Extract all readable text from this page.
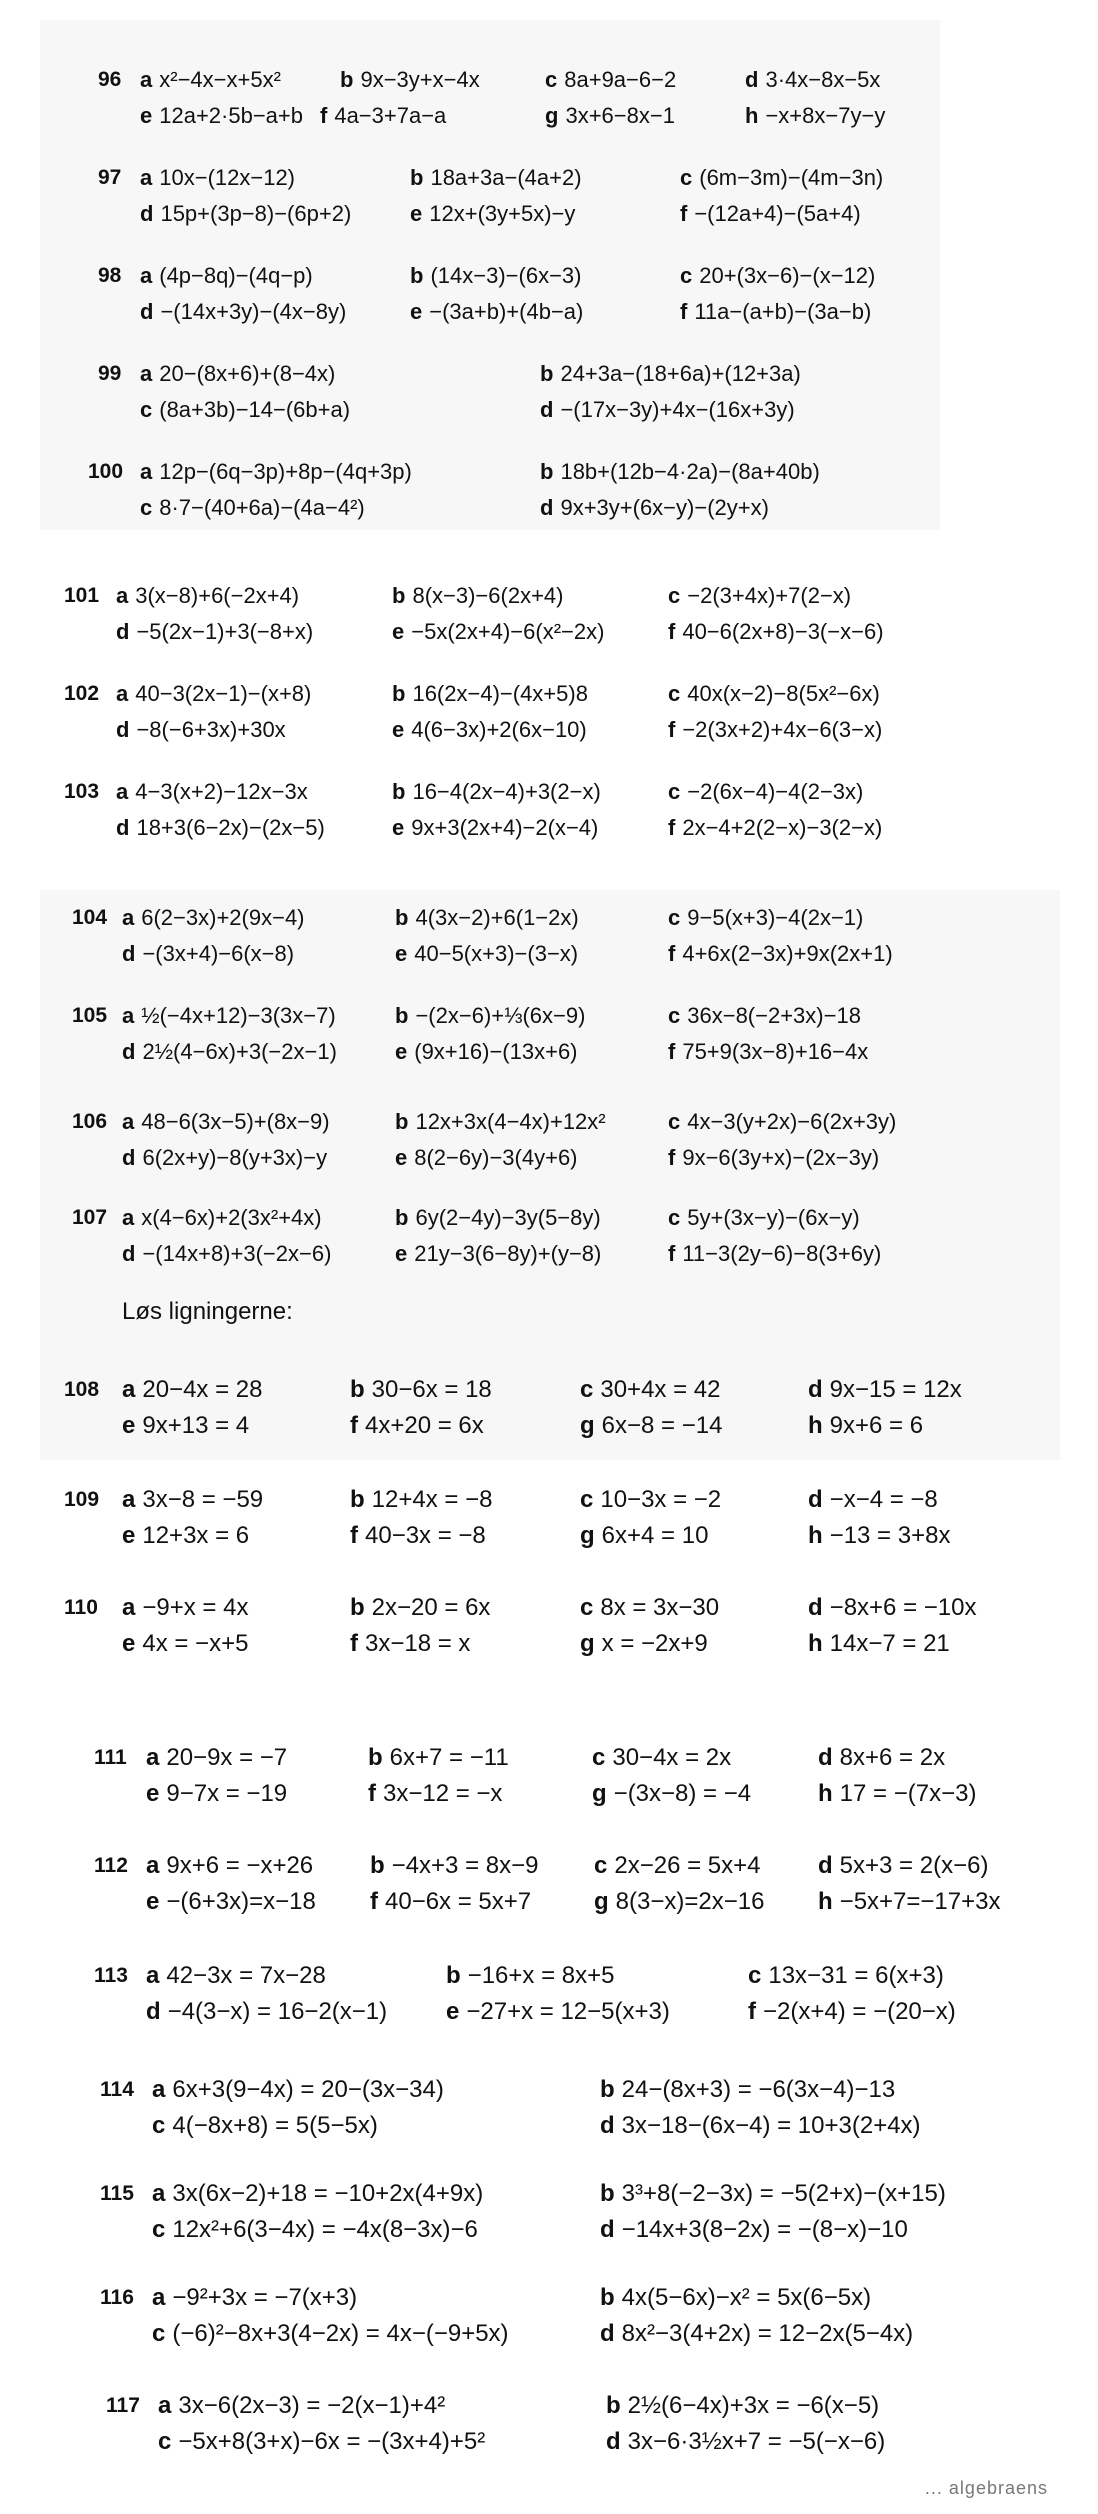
96 a x²−4x−x+5x²	b 9x−3y+x−4x	c 8a+9a−6−2	d 3·4x−8x−5x
e 12a+2·5b−a+b f 4a−3+7a−a	g 3x+6−8x−1	h −x+8x−7y−y
97 a 10x−(12x−12)	b 18a+3a−(4a+2)	c (6m−3m)−(4m−3n)
d 15p+(3p−8)−(6p+2)	e 12x+(3y+5x)−y	f −(12a+4)−(5a+4)
98 a (4p−8q)−(4q−p)	b (14x−3)−(6x−3)	c 20+(3x−6)−(x−12)
d −(14x+3y)−(4x−8y)	e −(3a+b)+(4b−a)	f 11a−(a+b)−(3a−b)
99 a 20−(8x+6)+(8−4x)	b 24+3a−(18+6a)+(12+3a)
c (8a+3b)−14−(6b+a)	d −(17x−3y)+4x−(16x+3y)
100 a 12p−(6q−3p)+8p−(4q+3p)	b 18b+(12b−4·2a)−(8a+40b)
c 8·7−(40+6a)−(4a−4²)	d 9x+3y+(6x−y)−(2y+x)
101 a 3(x−8)+6(−2x+4)	b 8(x−3)−6(2x+4)	c −2(3+4x)+7(2−x)
d −5(2x−1)+3(−8+x)	e −5x(2x+4)−6(x²−2x)	f 40−6(2x+8)−3(−x−6)
102 a 40−3(2x−1)−(x+8)	b 16(2x−4)−(4x+5)8	c 40x(x−2)−8(5x²−6x)
d −8(−6+3x)+30x	e 4(6−3x)+2(6x−10)	f −2(3x+2)+4x−6(3−x)
103 a 4−3(x+2)−12x−3x	b 16−4(2x−4)+3(2−x)	c −2(6x−4)−4(2−3x)
d 18+3(6−2x)−(2x−5)	e 9x+3(2x+4)−2(x−4)	f 2x−4+2(2−x)−3(2−x)
104 a 6(2−3x)+2(9x−4)	b 4(3x−2)+6(1−2x)	c 9−5(x+3)−4(2x−1)
d −(3x+4)−6(x−8)	e 40−5(x+3)−(3−x)	f 4+6x(2−3x)+9x(2x+1)
105 a ½(−4x+12)−3(3x−7)	b −(2x−6)+⅓(6x−9)	c 36x−8(−2+3x)−18
d 2½(4−6x)+3(−2x−1)	e (9x+16)−(13x+6)	f 75+9(3x−8)+16−4x
106 a 48−6(3x−5)+(8x−9)	b 12x+3x(4−4x)+12x²	c 4x−3(y+2x)−6(2x+3y)
d 6(2x+y)−8(y+3x)−y	e 8(2−6y)−3(4y+6)	f 9x−6(3y+x)−(2x−3y)
107 a x(4−6x)+2(3x²+4x)	b 6y(2−4y)−3y(5−8y)	c 5y+(3x−y)−(6x−y)
d −(14x+8)+3(−2x−6)	e 21y−3(6−8y)+(y−8)	f 11−3(2y−6)−8(3+6y)
108 a 20−4x = 28	b 30−6x = 18	c 30+4x = 42	d 9x−15 = 12x
e 9x+13 = 4	f 4x+20 = 6x	g 6x−8 = −14	h 9x+6 = 6
109 a 3x−8 = −59	b 12+4x = −8	c 10−3x = −2	d −x−4 = −8
e 12+3x = 6	f 40−3x = −8	g 6x+4 = 10	h −13 = 3+8x
110 a −9+x = 4x	b 2x−20 = 6x	c 8x = 3x−30	d −8x+6 = −10x
e 4x = −x+5	f 3x−18 = x	g x = −2x+9	h 14x−7 = 21
111 a 20−9x = −7	b 6x+7 = −11	c 30−4x = 2x	d 8x+6 = 2x
e 9−7x = −19	f 3x−12 = −x	g −(3x−8) = −4	h 17 = −(7x−3)
112 a 9x+6 = −x+26 b −4x+3 = 8x−9 c 2x−26 = 5x+4 d 5x+3 = 2(x−6)
e −(6+3x)=x−18 f 40−6x = 5x+7	g 8(3−x)=2x−16 h −5x+7=−17+3x
113 a 42−3x = 7x−28	b −16+x = 8x+5	c 13x−31 = 6(x+3)
d −4(3−x) = 16−2(x−1) e −27+x = 12−5(x+3)	f −2(x+4) = −(20−x)
114 a 6x+3(9−4x) = 20−(3x−34)	b 24−(8x+3) = −6(3x−4)−13
c 4(−8x+8) = 5(5−5x)	d 3x−18−(6x−4) = 10+3(2+4x)
115 a 3x(6x−2)+18 = −10+2x(4+9x)	b 3³+8(−2−3x) = −5(2+x)−(x+15)
c 12x²+6(3−4x) = −4x(8−3x)−6	d −14x+3(8−2x) = −(8−x)−10
116 a −9²+3x = −7(x+3)	b 4x(5−6x)−x² = 5x(6−5x)
c (−6)²−8x+3(4−2x) = 4x−(−9+5x)	d 8x²−3(4+2x) = 12−2x(5−4x)
117 a 3x−6(2x−3) = −2(x−1)+4²	b 2½(6−4x)+3x = −6(x−5)
c −5x+8(3+x)−6x = −(3x+4)+5²	d 3x−6·3½x+7 = −5(−x−6)
Løs ligningerne:
... algebraens
